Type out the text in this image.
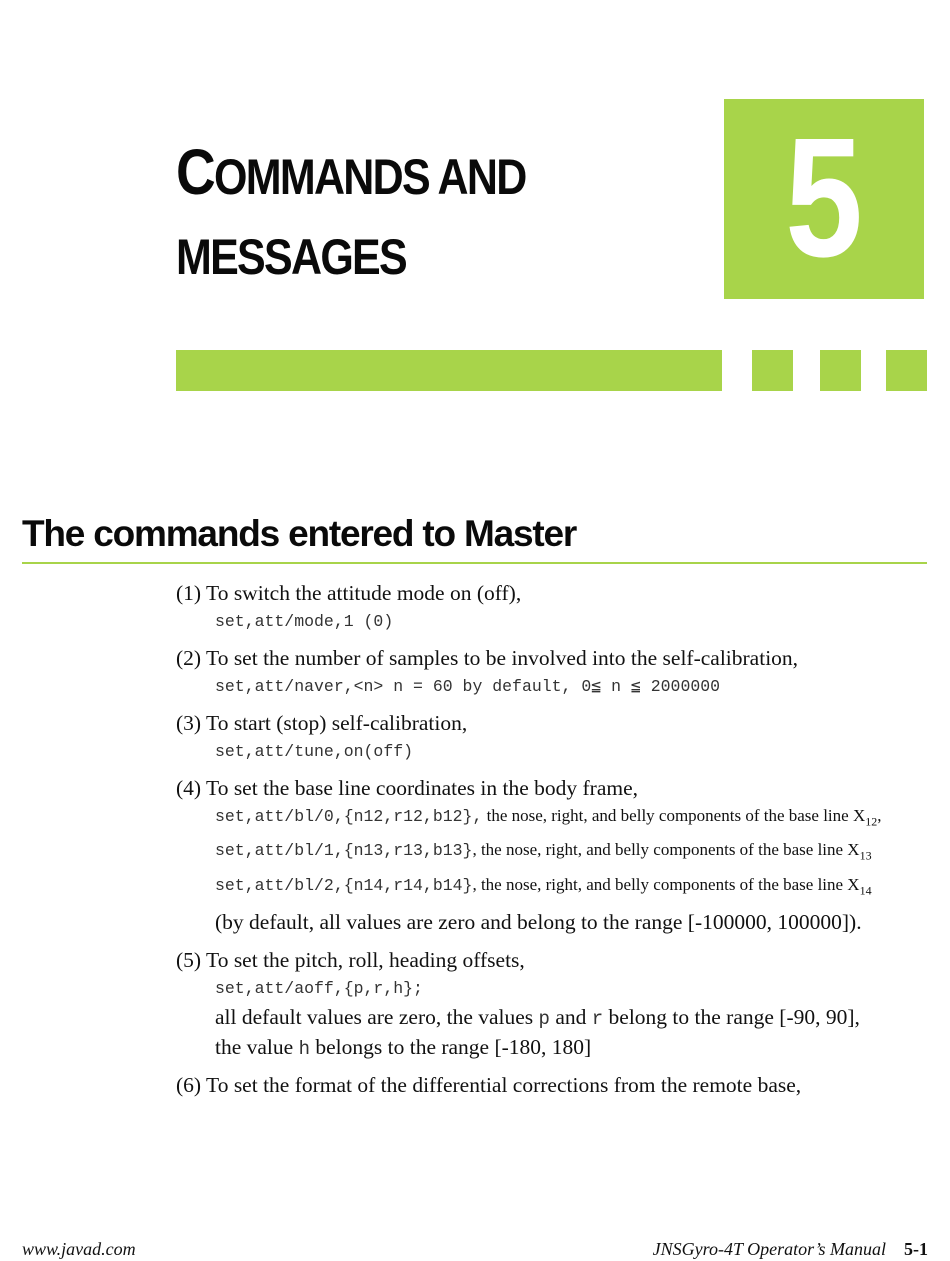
COMMANDS AND
MESSAGES	5
The commands entered to Master
(1) To switch the attitude mode on (off),
set,att/mode,1 (0)
(2) To set the number of samples to be involved into the self-calibration,
set,att/naver,<n> n = 60 by default, 0≦ n ≦ 2000000
(3) To start (stop) self-calibration,
set,att/tune,on(off)
(4) To set the base line coordinates in the body frame,
set,att/bl/0,{n12,r12,b12}, the nose, right, and belly components of the base line $X_{12}$,
set,att/bl/1,{n13,r13,b13}, the nose, right, and belly components of the base line $X_{13}$
set,att/bl/2,{n14,r14,b14}, the nose, right, and belly components of the base line $X_{14}$
(by default, all values are zero and belong to the range [-100000, 100000]).
(5) To set the pitch, roll, heading offsets,
set,att/aoff,{p,r,h};
all default values are zero, the values p and r belong to the range [-90, 90],
the value h belongs to the range [-180, 180]
(6) To set the format of the differential corrections from the remote base,

www.javad.com	JNSGyro-4T Operator’s Manual 5-1
